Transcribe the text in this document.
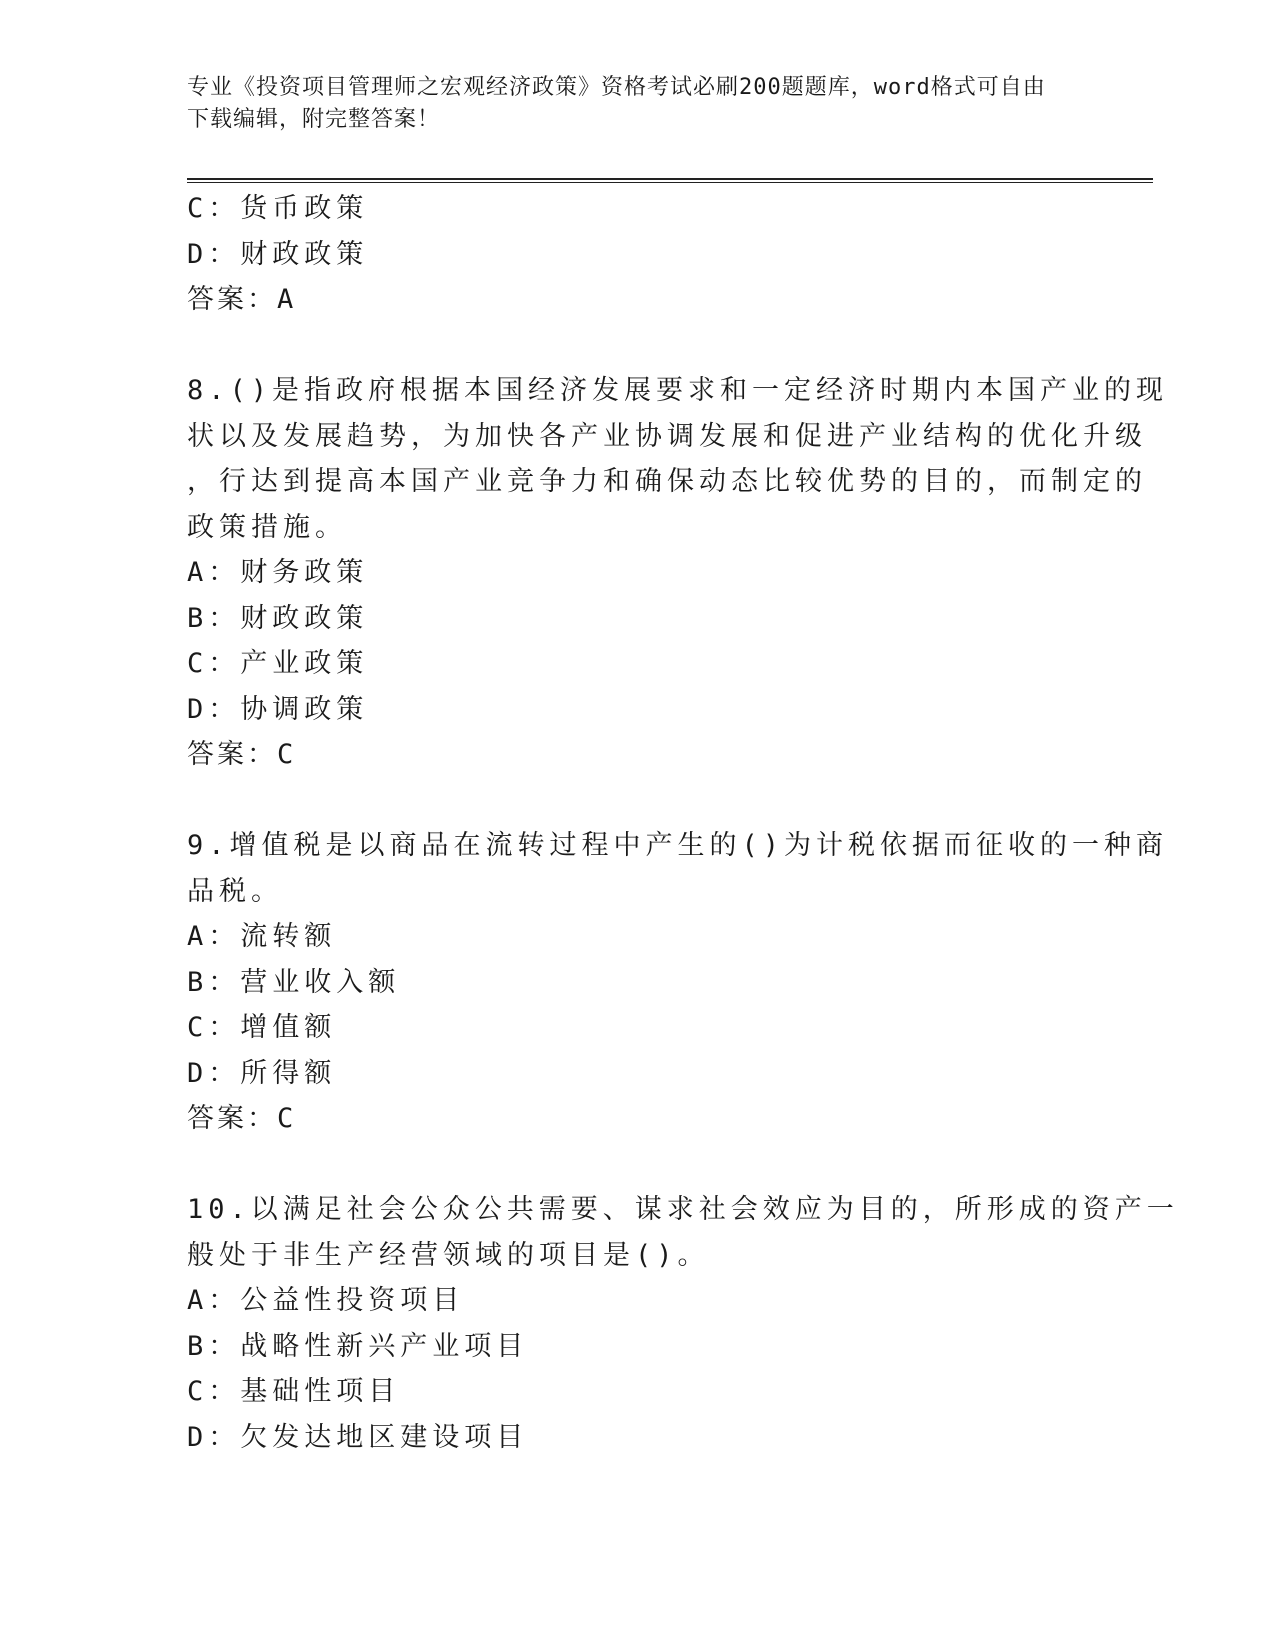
专业《投资项目管理师之宏观经济政策》资格考试必刷200题题库，word格式可自由下载编辑，附完整答案！
C：货币政策
D：财政政策
答案：A
8.()是指政府根据本国经济发展要求和一定经济时期内本国产业的现
状以及发展趋势，为加快各产业协调发展和促进产业结构的优化升级
，行达到提高本国产业竞争力和确保动态比较优势的目的，而制定的
政策措施。
A：财务政策
B：财政政策
C：产业政策
D：协调政策
答案：C
9.增值税是以商品在流转过程中产生的()为计税依据而征收的一种商
品税。
A：流转额
B：营业收入额
C：增值额
D：所得额
答案：C
10.以满足社会公众公共需要、谋求社会效应为目的，所形成的资产一
般处于非生产经营领域的项目是()。
A：公益性投资项目
B：战略性新兴产业项目
C：基础性项目
D：欠发达地区建设项目
